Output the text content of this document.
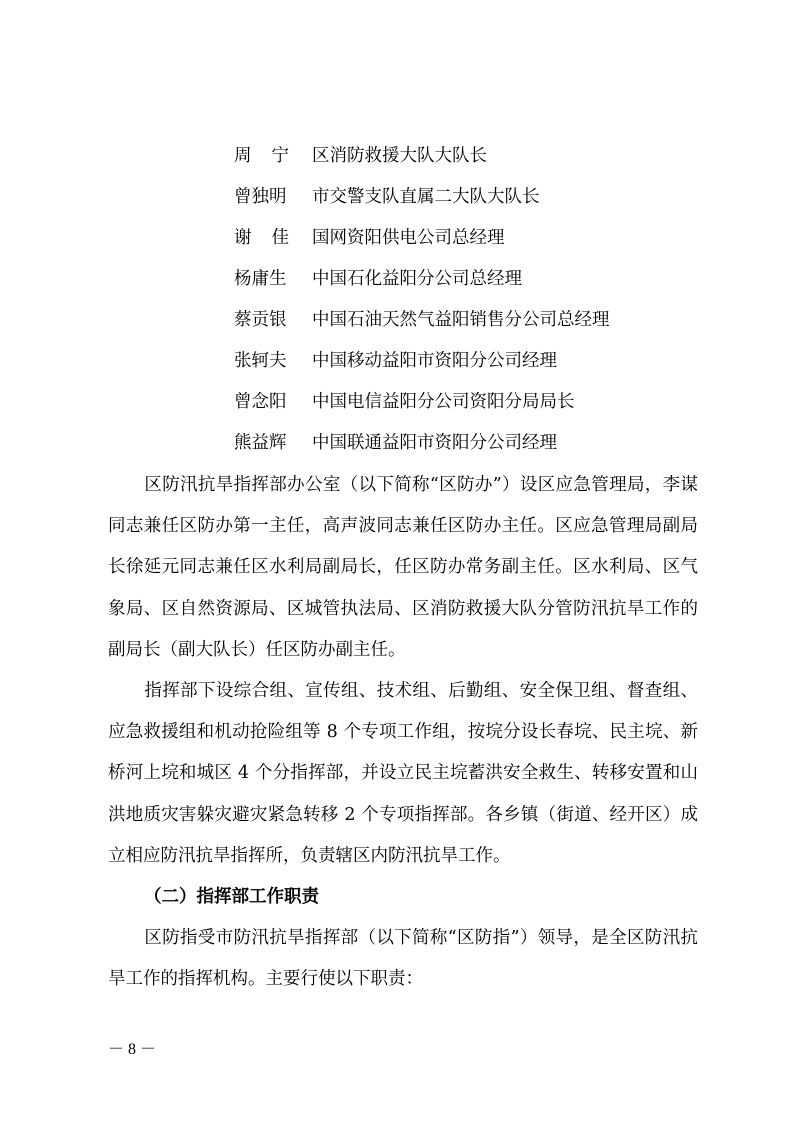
周宁 区消防救援大队大队长
曾独明 市交警支队直属二大队大队长
谢佳 国网资阳供电公司总经理
杨庸生 中国石化益阳分公司总经理
蔡贡银 中国石油天然气益阳销售分公司总经理
张轲夫 中国移动益阳市资阳分公司经理
曾念阳 中国电信益阳分公司资阳分局局长
熊益辉 中国联通益阳市资阳分公司经理

区防汛抗旱指挥部办公室（以下简称“区防办”）设区应急管理局，李谋同志兼任区防办第一主任，高声波同志兼任区防办主任。区应急管理局副局长徐延元同志兼任区水利局副局长，任区防办常务副主任。区水利局、区气象局、区自然资源局、区城管执法局、区消防救援大队分管防汛抗旱工作的副局长（副大队长）任区防办副主任。

指挥部下设综合组、宣传组、技术组、后勤组、安全保卫组、督查组、应急救援组和机动抢险组等 8 个专项工作组，按垸分设长春垸、民主垸、新桥河上垸和城区 4 个分指挥部，并设立民主垸蓄洪安全救生、转移安置和山洪地质灾害躲灾避灾紧急转移 2 个专项指挥部。各乡镇（街道、经开区）成立相应防汛抗旱指挥所，负责辖区内防汛抗旱工作。

（二）指挥部工作职责

区防指受市防汛抗旱指挥部（以下简称“区防指”）领导，是全区防汛抗旱工作的指挥机构。主要行使以下职责：

－ 8 －
